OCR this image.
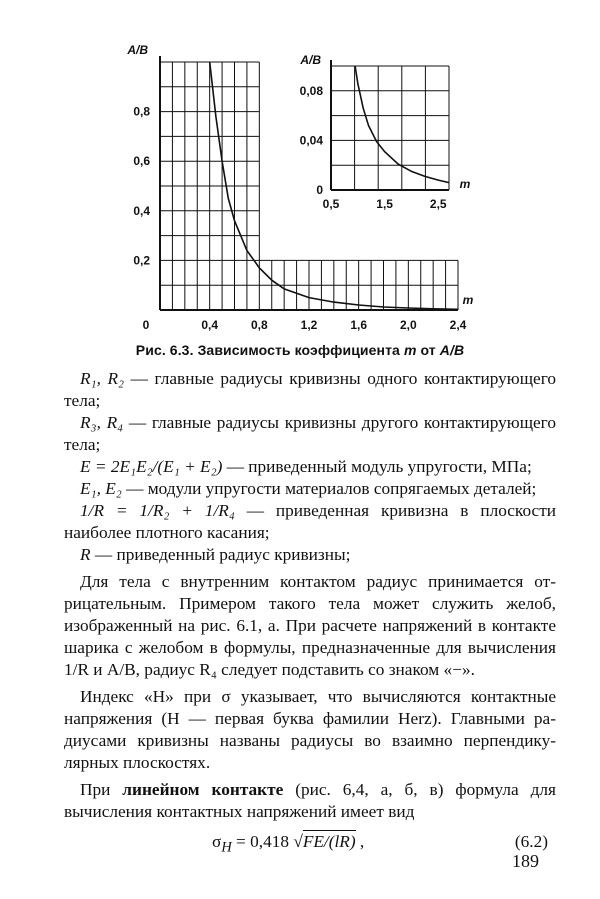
A/B
0,2
0,4
0,6
0,8
0	0,4	0,8	1,2	1,6	2,0	2,4
m
A/B
0
0,04
0,08
0,5	1,5	2,5
m
Рис. 6.3. Зависимость коэффициента m от A/B

R₁, R₂ — главные радиусы кривизны одного контактирующего тела;

R₃, R₄ — главные радиусы кривизны другого контактирующего тела;

E = 2E₁E₂/(E₁ + E₂) — приведенный модуль упругости, МПа;

E₁, E₂ — модули упругости материалов сопрягаемых деталей;

1/R = 1/R₂ + 1/R₄ — приведенная кривизна в плоскости наиболее плотного касания;

R — приведенный радиус кривизны;

Для тела с внутренним контактом радиус принимается отрицательным. Примером такого тела может служить желоб, изображенный на рис. 6.1, а. При расчете напряжений в контакте шарика с желобом в формулы, предназначенные для вычисления 1/R и A/B, радиус R₄ следует подставить со знаком «−».

Индекс «H» при σ указывает, что вычисляются контактные напряжения (H — первая буква фамилии Herz). Главными радиусами кривизны названы радиусы во взаимно перпендикулярных плоскостях.

При линейном контакте (рис. 6,4, а, б, в) формула для вычисления контактных напряжений имеет вид

$\sigma_H = 0,418$ √FE/(lR) ,	(6.2)
189
